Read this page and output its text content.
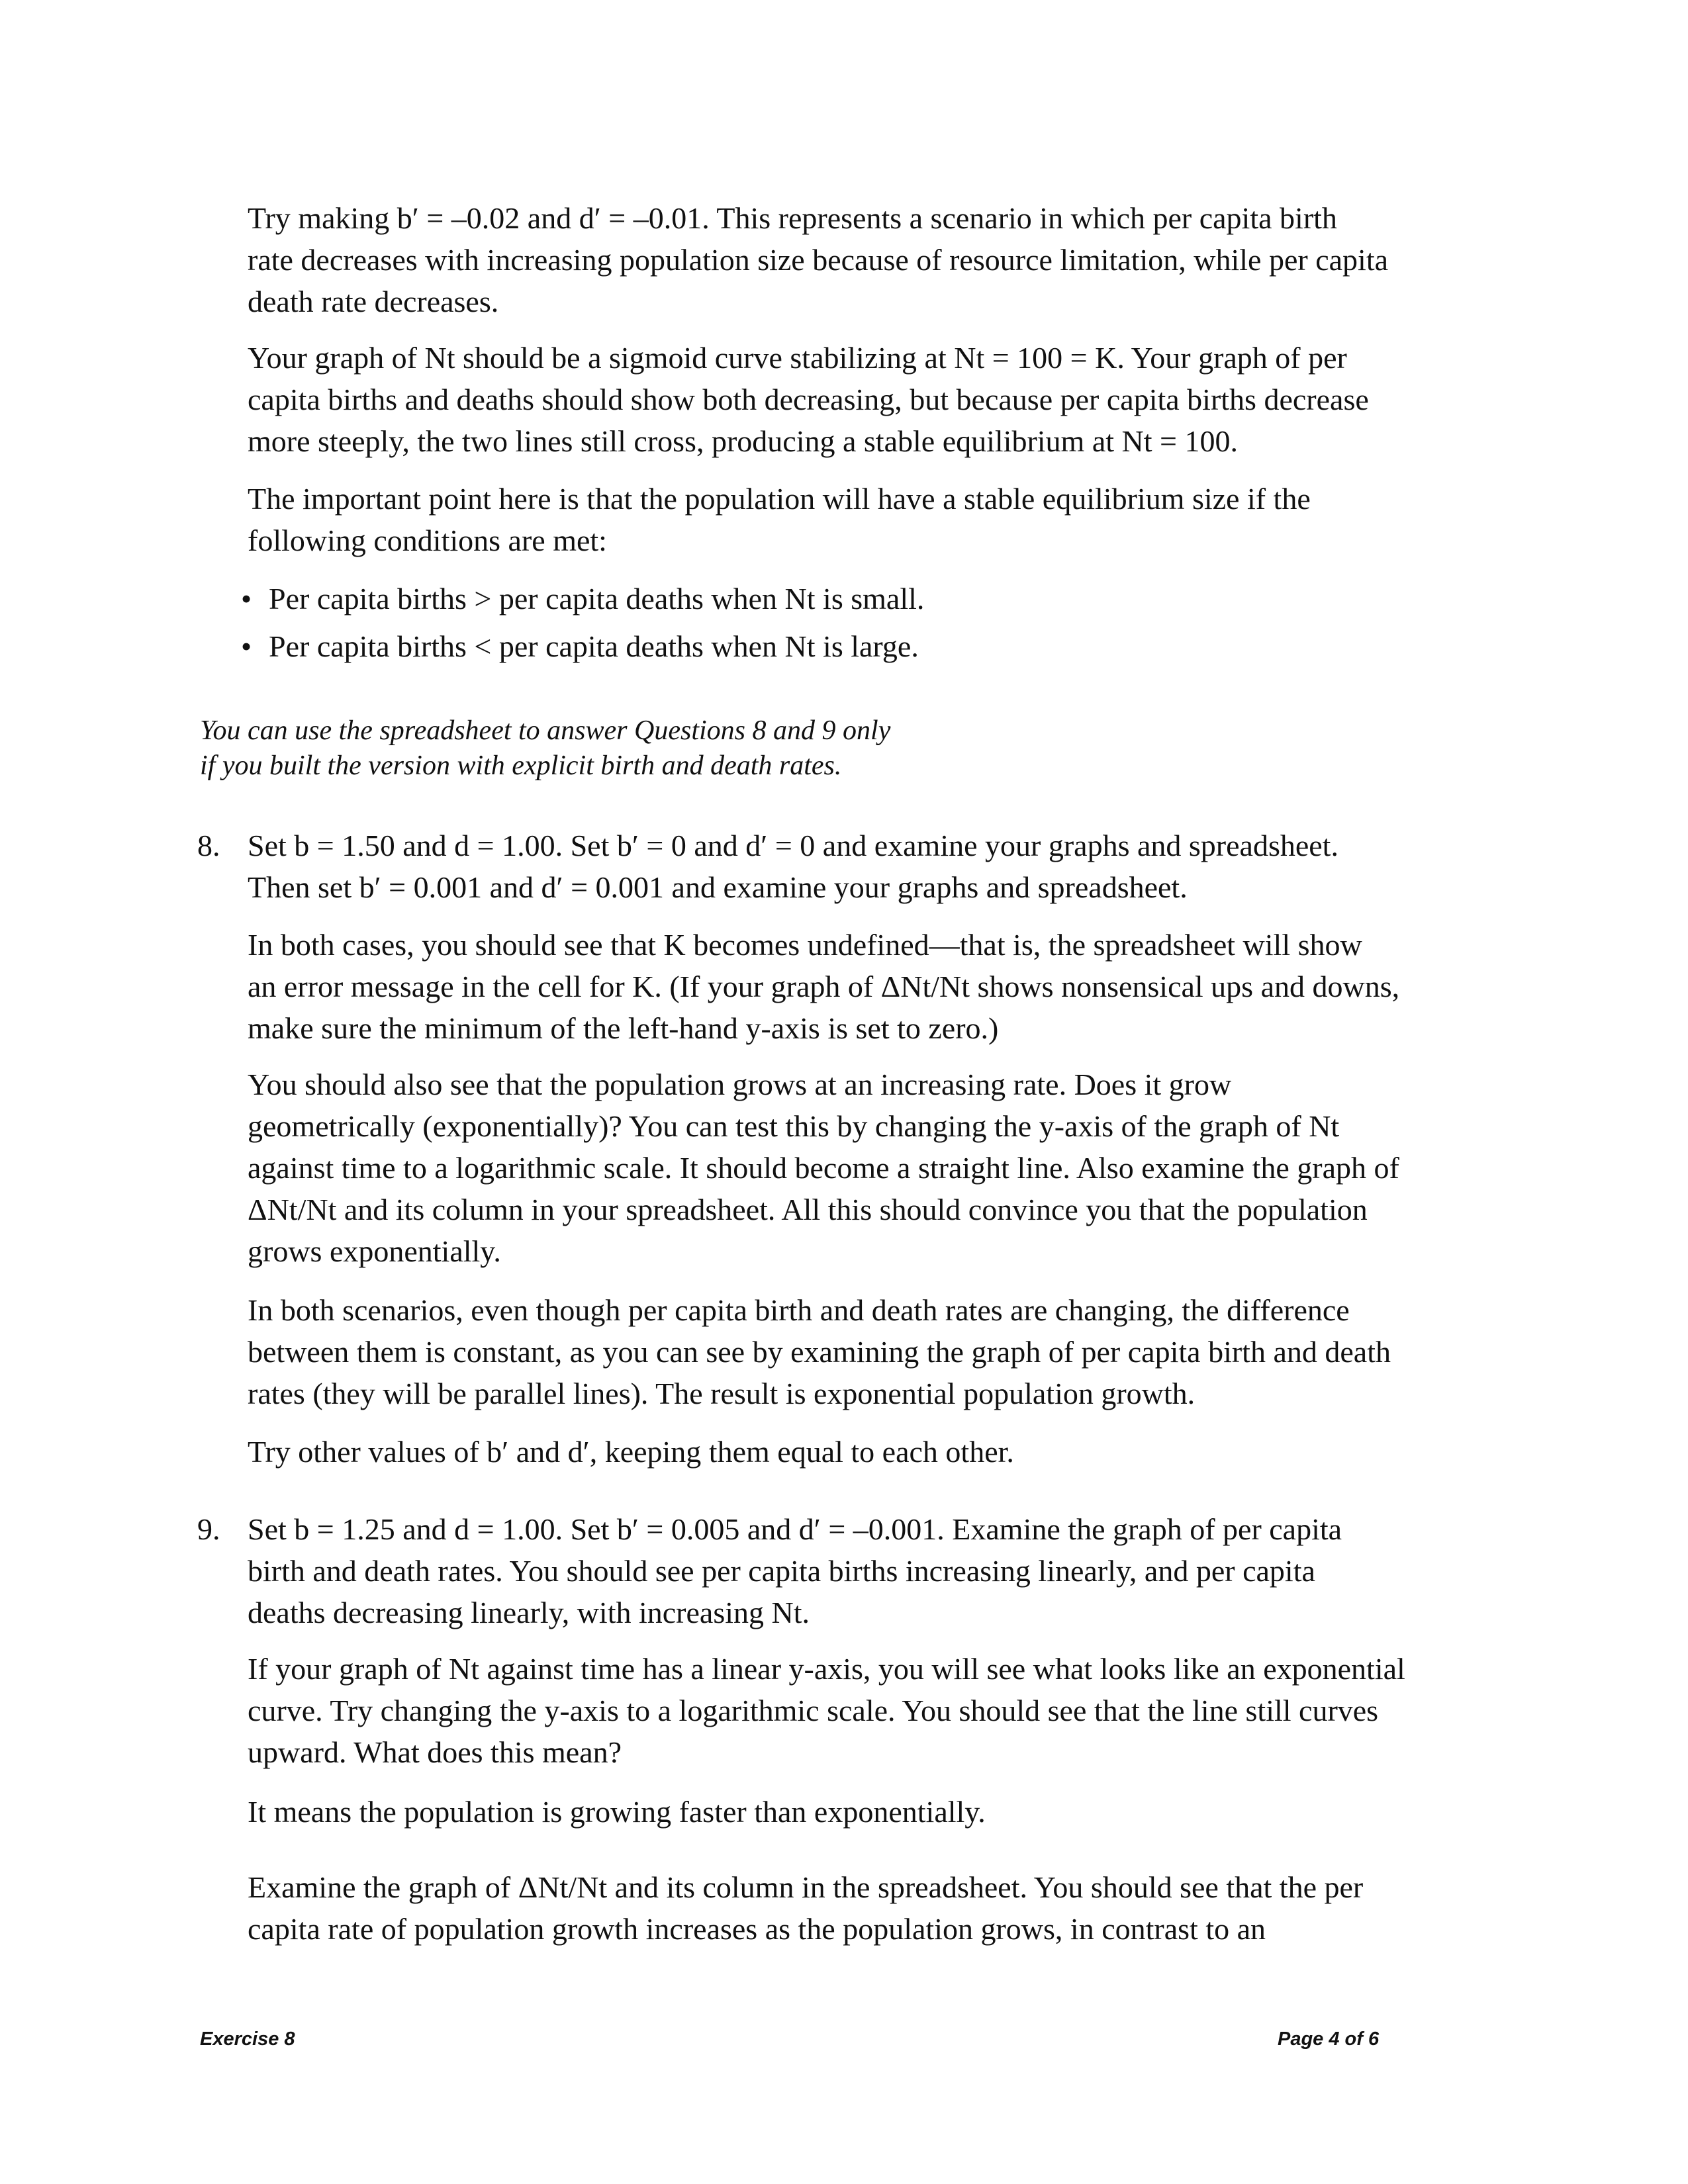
Try making b′ = –0.02 and d′ = –0.01. This represents a scenario in which per capita birth
rate decreases with increasing population size because of resource limitation, while per capita
death rate decreases.
Your graph of Nt should be a sigmoid curve stabilizing at Nt = 100 = K. Your graph of per
capita births and deaths should show both decreasing, but because per capita births decrease
more steeply, the two lines still cross, producing a stable equilibrium at Nt = 100.
The important point here is that the population will have a stable equilibrium size if the
following conditions are met:
• Per capita births > per capita deaths when Nt is small.
• Per capita births < per capita deaths when Nt is large.
You can use the spreadsheet to answer Questions 8 and 9 only
if you built the version with explicit birth and death rates.
8. Set b = 1.50 and d = 1.00. Set b′ = 0 and d′ = 0 and examine your graphs and spreadsheet.
Then set b′ = 0.001 and d′ = 0.001 and examine your graphs and spreadsheet.
In both cases, you should see that K becomes undefined—that is, the spreadsheet will show
an error message in the cell for K. (If your graph of ΔNt/Nt shows nonsensical ups and downs,
make sure the minimum of the left-hand y-axis is set to zero.)
You should also see that the population grows at an increasing rate. Does it grow
geometrically (exponentially)? You can test this by changing the y-axis of the graph of Nt
against time to a logarithmic scale. It should become a straight line. Also examine the graph of
ΔNt/Nt and its column in your spreadsheet. All this should convince you that the population
grows exponentially.
In both scenarios, even though per capita birth and death rates are changing, the difference
between them is constant, as you can see by examining the graph of per capita birth and death
rates (they will be parallel lines). The result is exponential population growth.
Try other values of b′ and d′, keeping them equal to each other.
9. Set b = 1.25 and d = 1.00. Set b′ = 0.005 and d′ = –0.001. Examine the graph of per capita
birth and death rates. You should see per capita births increasing linearly, and per capita
deaths decreasing linearly, with increasing Nt.
If your graph of Nt against time has a linear y-axis, you will see what looks like an exponential
curve. Try changing the y-axis to a logarithmic scale. You should see that the line still curves
upward. What does this mean?
It means the population is growing faster than exponentially.
Examine the graph of ΔNt/Nt and its column in the spreadsheet. You should see that the per
capita rate of population growth increases as the population grows, in contrast to an
Exercise 8	Page 4 of 6
